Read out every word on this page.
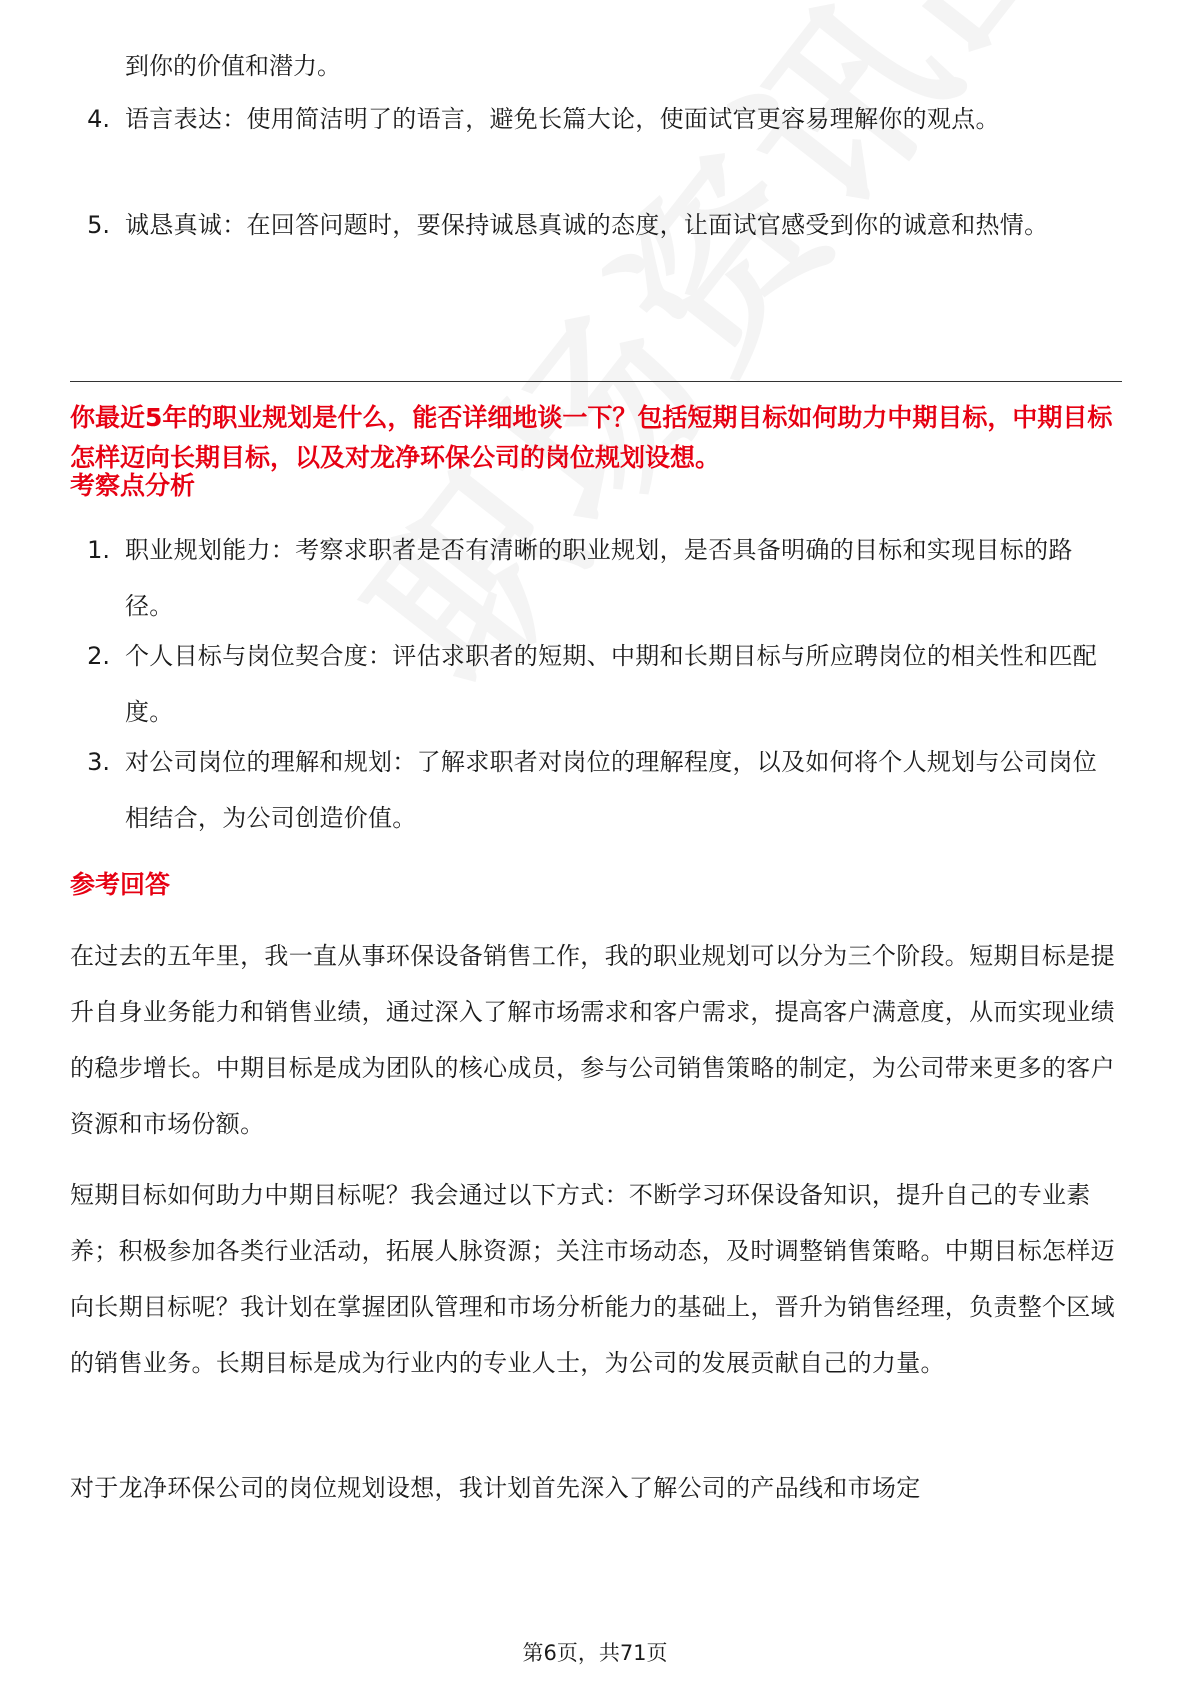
到你的价值和潜力。
4. 语言表达：使用简洁明了的语言，避免长篇大论，使面试官更容易理解你的观点。
5. 诚恳真诚：在回答问题时，要保持诚恳真诚的态度，让面试官感受到你的诚意和热情。
你最近5年的职业规划是什么，能否详细地谈一下？包括短期目标如何助力中期目标，中期目标怎样迈向长期目标，以及对龙净环保公司的岗位规划设想。
考察点分析
1. 职业规划能力：考察求职者是否有清晰的职业规划，是否具备明确的目标和实现目标的路径。
2. 个人目标与岗位契合度：评估求职者的短期、中期和长期目标与所应聘岗位的相关性和匹配度。
3. 对公司岗位的理解和规划：了解求职者对岗位的理解程度，以及如何将个人规划与公司岗位相结合，为公司创造价值。
参考回答

在过去的五年里，我一直从事环保设备销售工作，我的职业规划可以分为三个阶段。短期目标是提升自身业务能力和销售业绩，通过深入了解市场需求和客户需求，提高客户满意度，从而实现业绩的稳步增长。中期目标是成为团队的核心成员，参与公司销售策略的制定，为公司带来更多的客户资源和市场份额。

短期目标如何助力中期目标呢？我会通过以下方式：不断学习环保设备知识，提升自己的专业素养；积极参加各类行业活动，拓展人脉资源；关注市场动态，及时调整销售策略。中期目标怎样迈向长期目标呢？我计划在掌握团队管理和市场分析能力的基础上，晋升为销售经理，负责整个区域的销售业务。长期目标是成为行业内的专业人士，为公司的发展贡献自己的力量。

对于龙净环保公司的岗位规划设想，我计划首先深入了解公司的产品线和市场定

第6页，共71页
